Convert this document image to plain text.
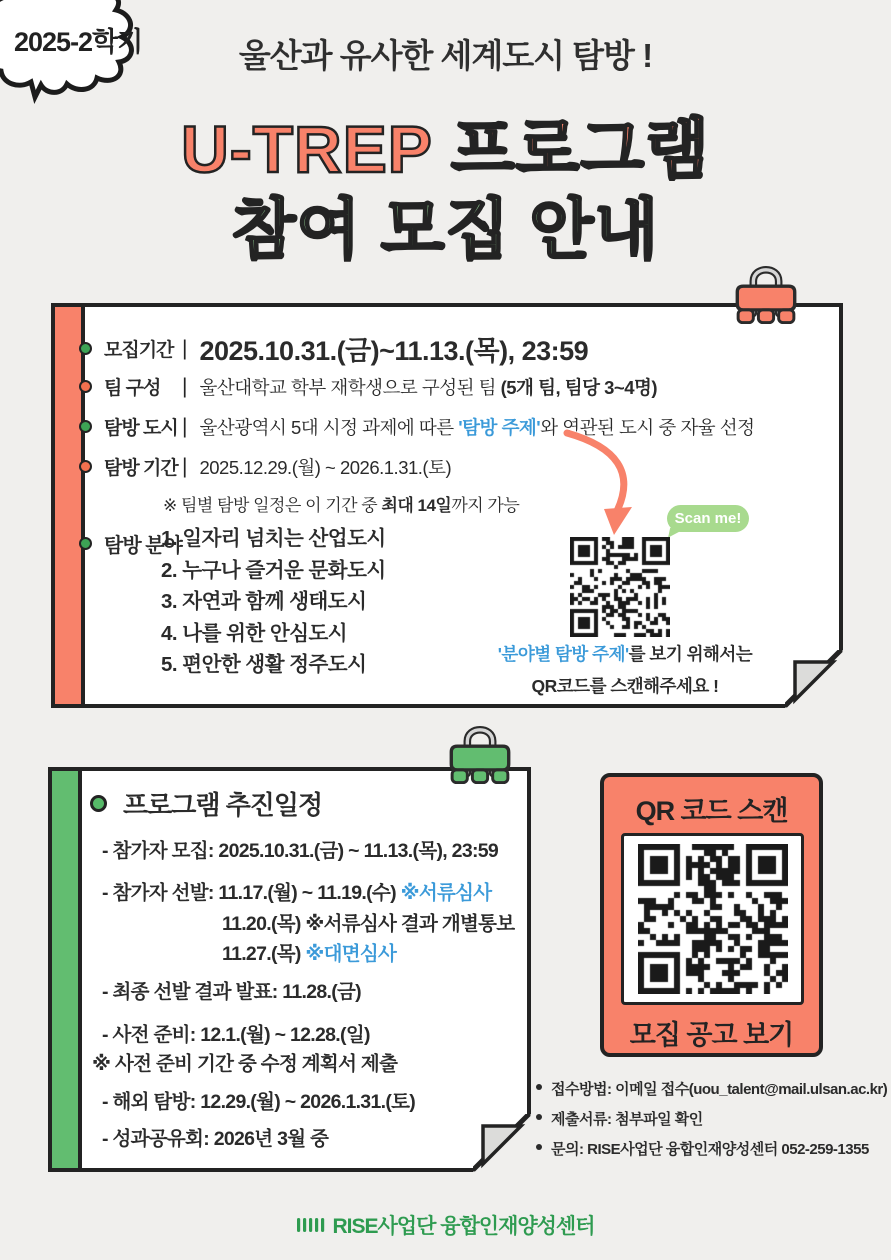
2025-2학기	울산과 유사한 세계도시 탐방 !
U-TREP 프로그램
참여 모집 안내
모집기간 | 2025.10.31.(금)~11.13.(목), 23:59
팀 구성	| 울산대학교 학부 재학생으로 구성된 팀 (5개 팀, 팀당 3~4명)
탐방 도시 | 울산광역시 5대 시정 과제에 따른 '탐방 주제'와 연관된 도시 중 자율 선정
탐방 기간 | 2025.12.29.(월) ~ 2026.1.31.(토)
※ 팀별 탐방 일정은 이 기간 중 최대 14일까지 가능
탐방 분야
1. 일자리 넘치는 산업도시
2. 누구나 즐거운 문화도시
3. 자연과 함께 생태도시
4. 나를 위한 안심도시
5. 편안한 생활 정주도시
Scan me!
'분야별 탐방 주제'를 보기 위해서는
QR코드를 스캔해주세요 !
프로그램 추진일정
- 참가자 모집: 2025.10.31.(금) ~ 11.13.(목), 23:59
- 참가자 선발: 11.17.(월) ~ 11.19.(수) ※서류심사
11.20.(목) ※서류심사 결과 개별통보
11.27.(목) ※대면심사
- 최종 선발 결과 발표: 11.28.(금)
- 사전 준비: 12.1.(월) ~ 12.28.(일)
※ 사전 준비 기간 중 수정 계획서 제출
- 해외 탐방: 12.29.(월) ~ 2026.1.31.(토)
- 성과공유회: 2026년 3월 중
QR 코드 스캔
모집 공고 보기
접수방법: 이메일 접수(uou_talent@mail.ulsan.ac.kr)
제출서류: 첨부파일 확인
문의: RISE사업단 융합인재양성센터 052-259-1355
RISE사업단 융합인재양성센터
